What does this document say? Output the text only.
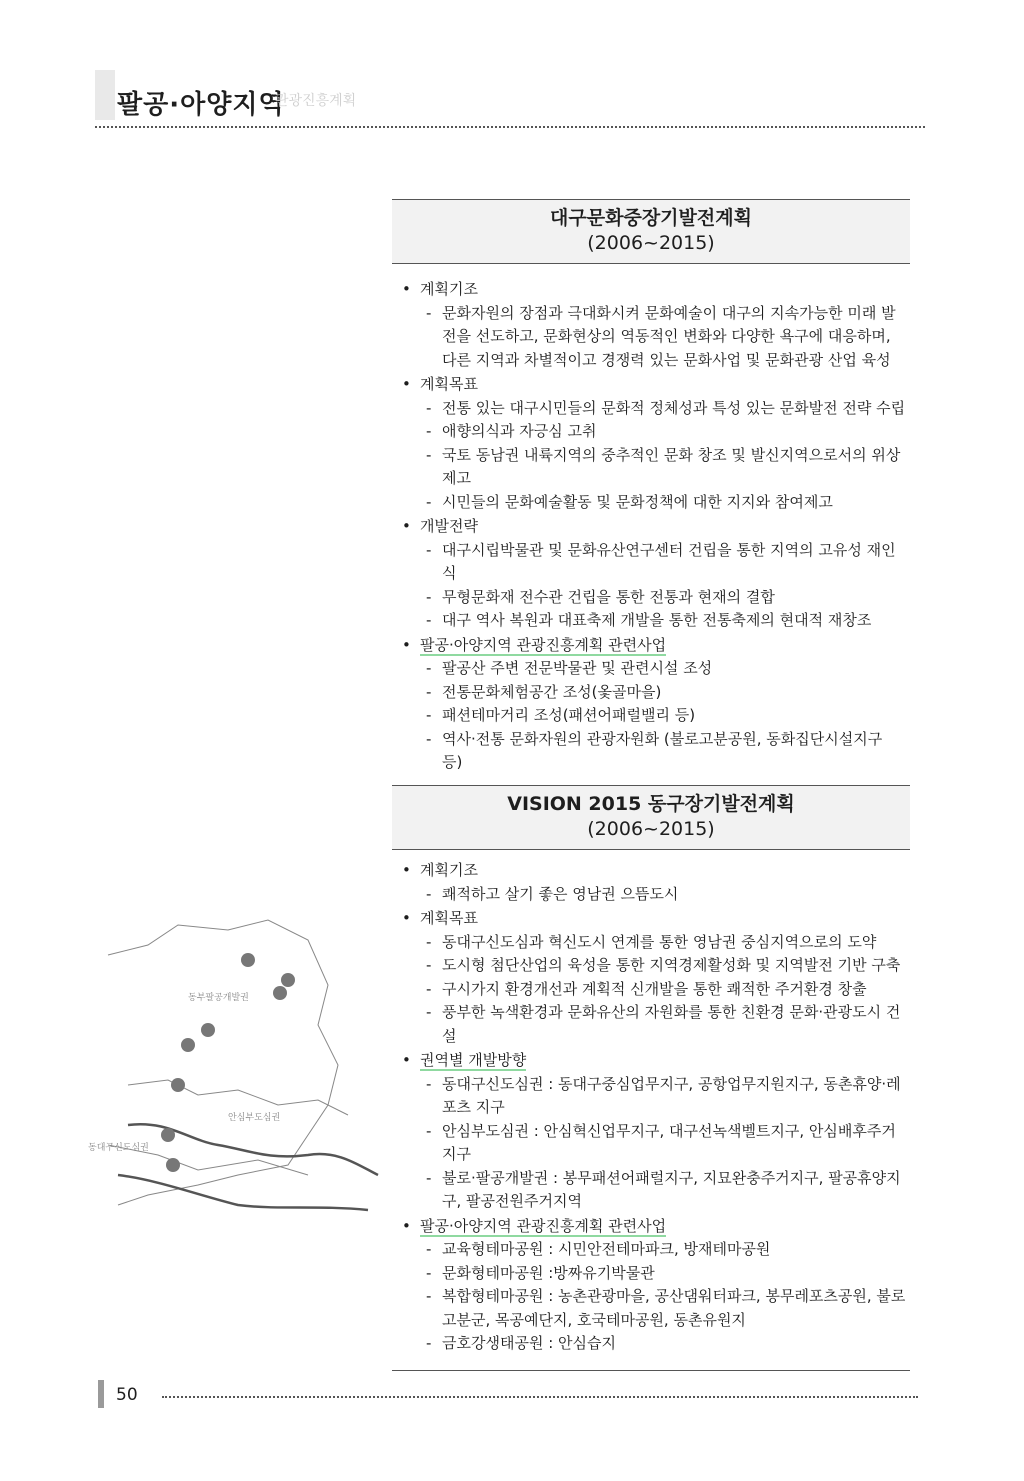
팔공·아양지역
관광진흥계획
대구문화중장기발전계획
(2006~2015)
• 계획기조
- 문화자원의 장점과 극대화시켜 문화예술이 대구의 지속가능한 미래 발전을 선도하고, 문화현상의 역동적인 변화와 다양한 욕구에 대응하며, 다른 지역과 차별적이고 경쟁력 있는 문화사업 및 문화관광 산업 육성
• 계획목표
- 전통 있는 대구시민들의 문화적 정체성과 특성 있는 문화발전 전략 수립
- 애향의식과 자긍심 고취
- 국토 동남권 내륙지역의 중추적인 문화 창조 및 발신지역으로서의 위상 제고
- 시민들의 문화예술활동 및 문화정책에 대한 지지와 참여제고
• 개발전략
- 대구시립박물관 및 문화유산연구센터 건립을 통한 지역의 고유성 재인식
- 무형문화재 전수관 건립을 통한 전통과 현재의 결합
- 대구 역사 복원과 대표축제 개발을 통한 전통축제의 현대적 재창조
• 팔공·아양지역 관광진흥계획 관련사업
- 팔공산 주변 전문박물관 및 관련시설 조성
- 전통문화체험공간 조성(옻골마을)
- 패션테마거리 조성(패션어패럴밸리 등)
- 역사·전통 문화자원의 관광자원화 (불로고분공원, 동화집단시설지구 등)
VISION 2015 동구장기발전계획
(2006~2015)
• 계획기조
- 쾌적하고 살기 좋은 영남권 으뜸도시
• 계획목표
- 동대구신도심과 혁신도시 연계를 통한 영남권 중심지역으로의 도약
- 도시형 첨단산업의 육성을 통한 지역경제활성화 및 지역발전 기반 구축
- 구시가지 환경개선과 계획적 신개발을 통한 쾌적한 주거환경 창출
- 풍부한 녹색환경과 문화유산의 자원화를 통한 친환경 문화·관광도시 건설
• 권역별 개발방향
- 동대구신도심권 : 동대구중심업무지구, 공항업무지원지구, 동촌휴양·레포츠 지구
- 안심부도심권 : 안심혁신업무지구, 대구선녹색벨트지구, 안심배후주거지구
- 불로·팔공개발권 : 봉무패션어패럴지구, 지묘완충주거지구, 팔공휴양지구, 팔공전원주거지역
• 팔공·아양지역 관광진흥계획 관련사업
- 교육형테마공원 : 시민안전테마파크, 방재테마공원
- 문화형테마공원 :방짜유기박물관
- 복합형테마공원 : 농촌관광마을, 공산댐워터파크, 봉무레포츠공원, 불로고분군, 목공예단지, 호국테마공원, 동촌유원지
- 금호강생태공원 : 안심습지
동부팔공개발권
안심부도심권
동대구신도심권
50
